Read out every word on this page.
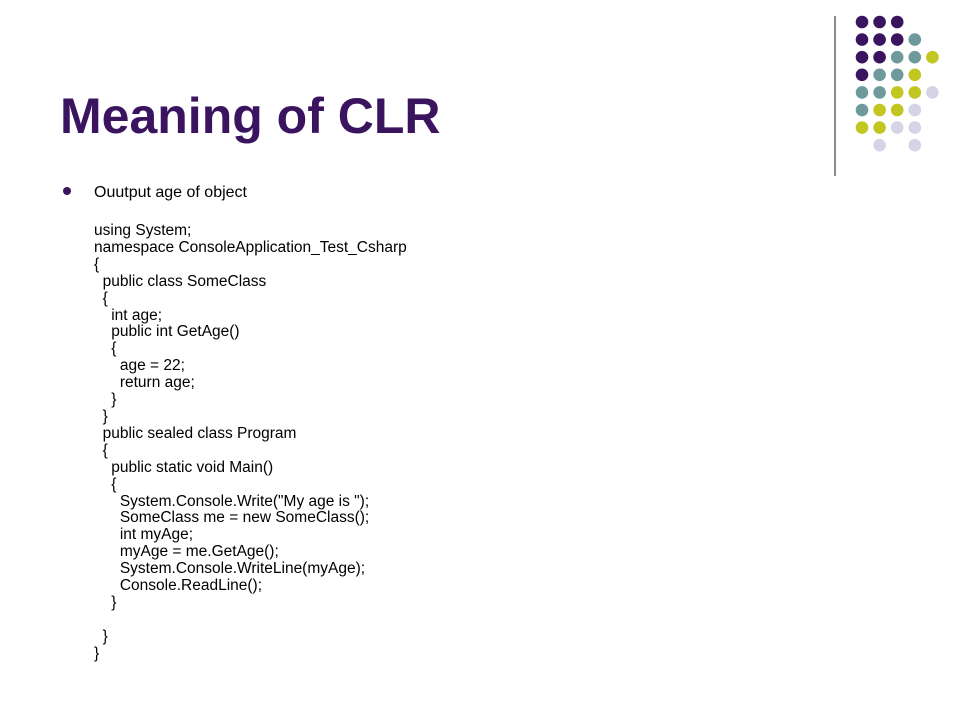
Meaning of CLR

Ouutput age of object

using System;
namespace ConsoleApplication_Test_Csharp
{
public class SomeClass
{
int age;
public int GetAge()
{
age = 22;
return age;
}
}
public sealed class Program
{
public static void Main()
{
System.Console.Write("My age is ");
SomeClass me = new SomeClass();
int myAge;
myAge = me.GetAge();
System.Console.WriteLine(myAge);
Console.ReadLine();
}

}
}
